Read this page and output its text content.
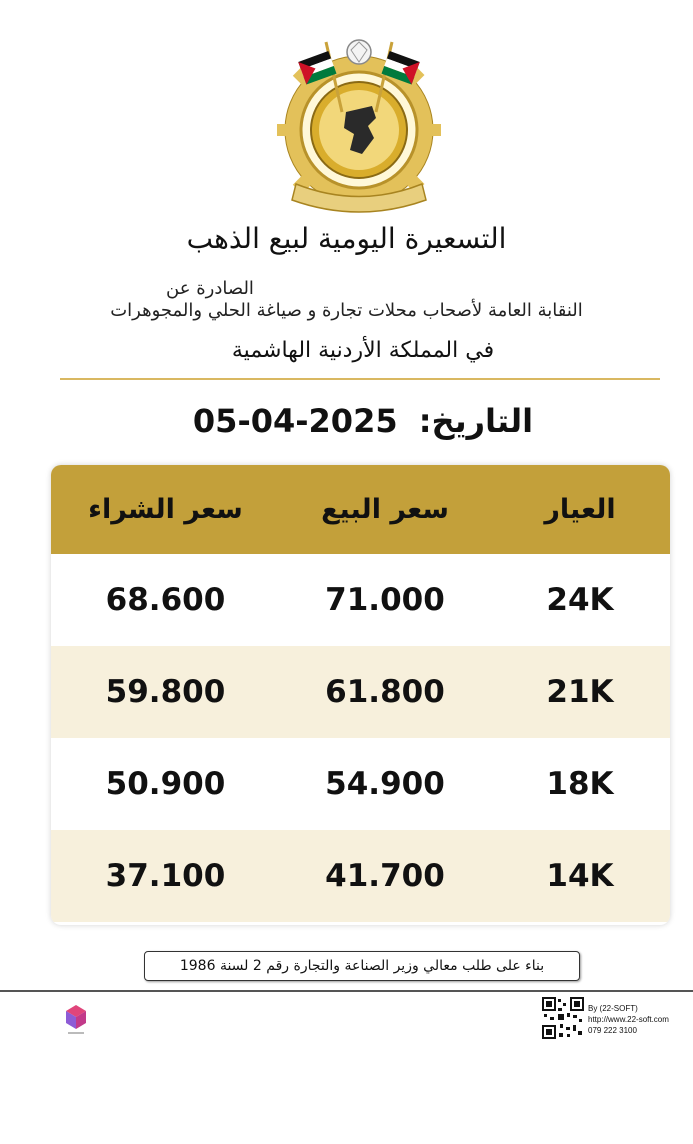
التسعيرة اليومية لبيع الذهب
الصادرة عن
النقابة العامة لأصحاب محلات تجارة و صياغة الحلي والمجوهرات
في المملكة الأردنية الهاشمية
05-04-2025 التاريخ:
العيار
سعر البيع
سعر الشراء
24K
71.000
68.600
21K
61.800
59.800
18K
54.900
50.900
14K
41.700
37.100
بناء على طلب معالي وزير الصناعة والتجارة رقم 2 لسنة 1986
By (22-SOFT)
http://www.22-soft.com
079 222 3100
